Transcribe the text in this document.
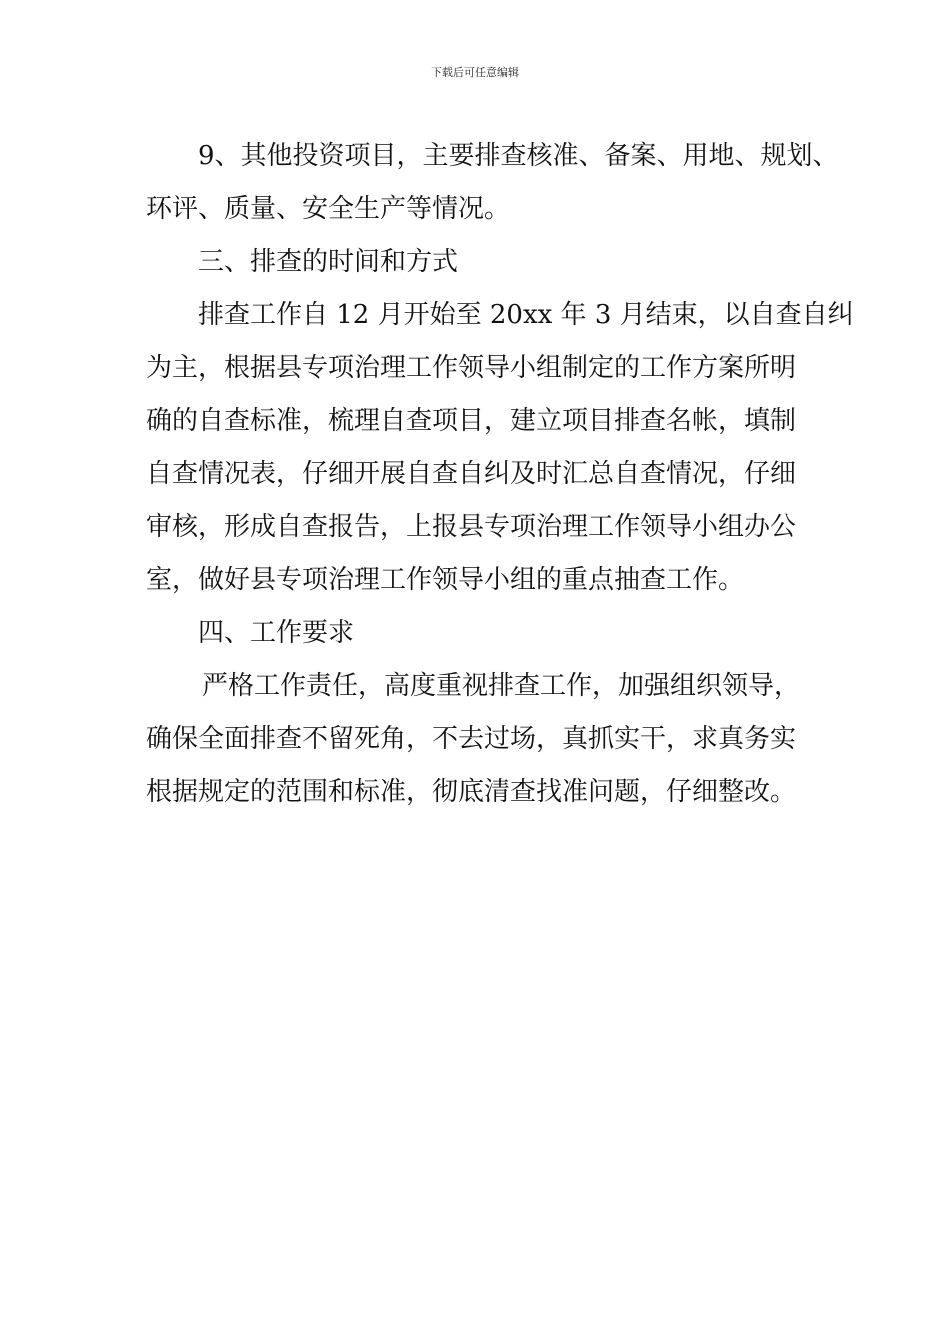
下载后可任意编辑
9、其他投资项目，主要排查核准、备案、用地、规划、
环评、质量、安全生产等情况。
三、排查的时间和方式
排查工作自 12 月开始至 20xx 年 3 月结束，以自查自纠
为主，根据县专项治理工作领导小组制定的工作方案所明
确的自查标准，梳理自查项目，建立项目排查名帐，填制
自查情况表，仔细开展自查自纠及时汇总自查情况，仔细
审核，形成自查报告，上报县专项治理工作领导小组办公
室，做好县专项治理工作领导小组的重点抽查工作。
四、工作要求
严格工作责任，高度重视排查工作，加强组织领导，
确保全面排查不留死角，不去过场，真抓实干，求真务实
根据规定的范围和标准，彻底清查找准问题，仔细整改。
